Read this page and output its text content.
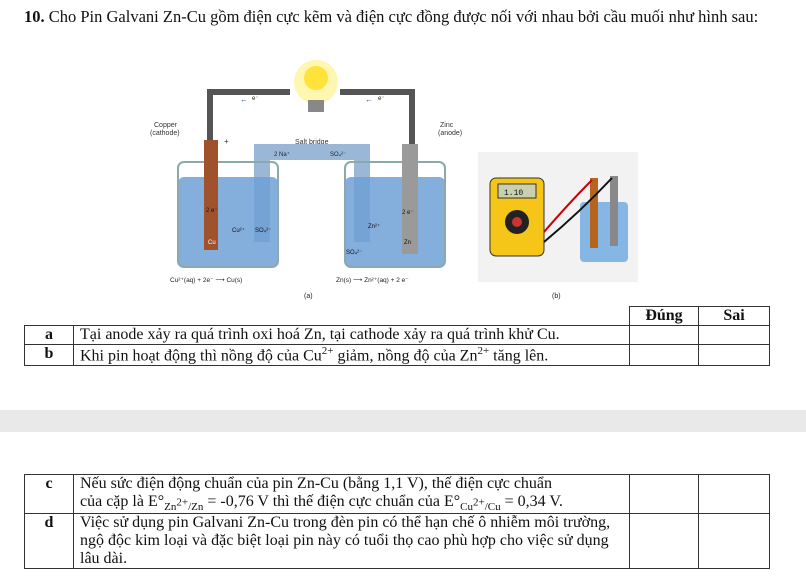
10. Cho Pin Galvani Zn-Cu gồm điện cực kẽm và điện cực đồng được nối với nhau bởi cầu muối như hình sau:
← e⁻	← e⁻
Copper
(cathode)
Zinc
(anode)
Salt bridge
+
2 Na⁺	SO₄²⁻
Cu²⁺ SO₄²⁻
2 e⁻
Cu
Zn²⁺
SO₄²⁻
2 e⁻
Zn
Cu²⁺(aq) + 2e⁻ ⟶ Cu(s)	Zn(s) ⟶ Zn²⁺(aq) + 2 e⁻
(a)
1.10
(b)
		Đúng	Sai
a	Tại anode xảy ra quá trình oxi hoá Zn, tại cathode xảy ra quá trình khử Cu.		
b	Khi pin hoạt động thì nồng độ của $Cu^{2+}$ giảm, nồng độ của $Zn^{2+}$ tăng lên.		
c	Nếu sức điện động chuẩn của pin Zn-Cu (bằng 1,1 V), thế điện cực chuẩn
của cặp là $E^\circ_{Zn^{2+}/Zn} = -0,76$ V thì thế điện cực chuẩn của $E^\circ_{Cu^{2+}/Cu} = 0,34$ V.		
d	Việc sử dụng pin Galvani Zn-Cu trong đèn pin có thể hạn chế ô nhiễm môi trường, ngộ độc kim loại và đặc biệt loại pin này có tuổi thọ cao phù hợp cho việc sử dụng lâu dài.		
